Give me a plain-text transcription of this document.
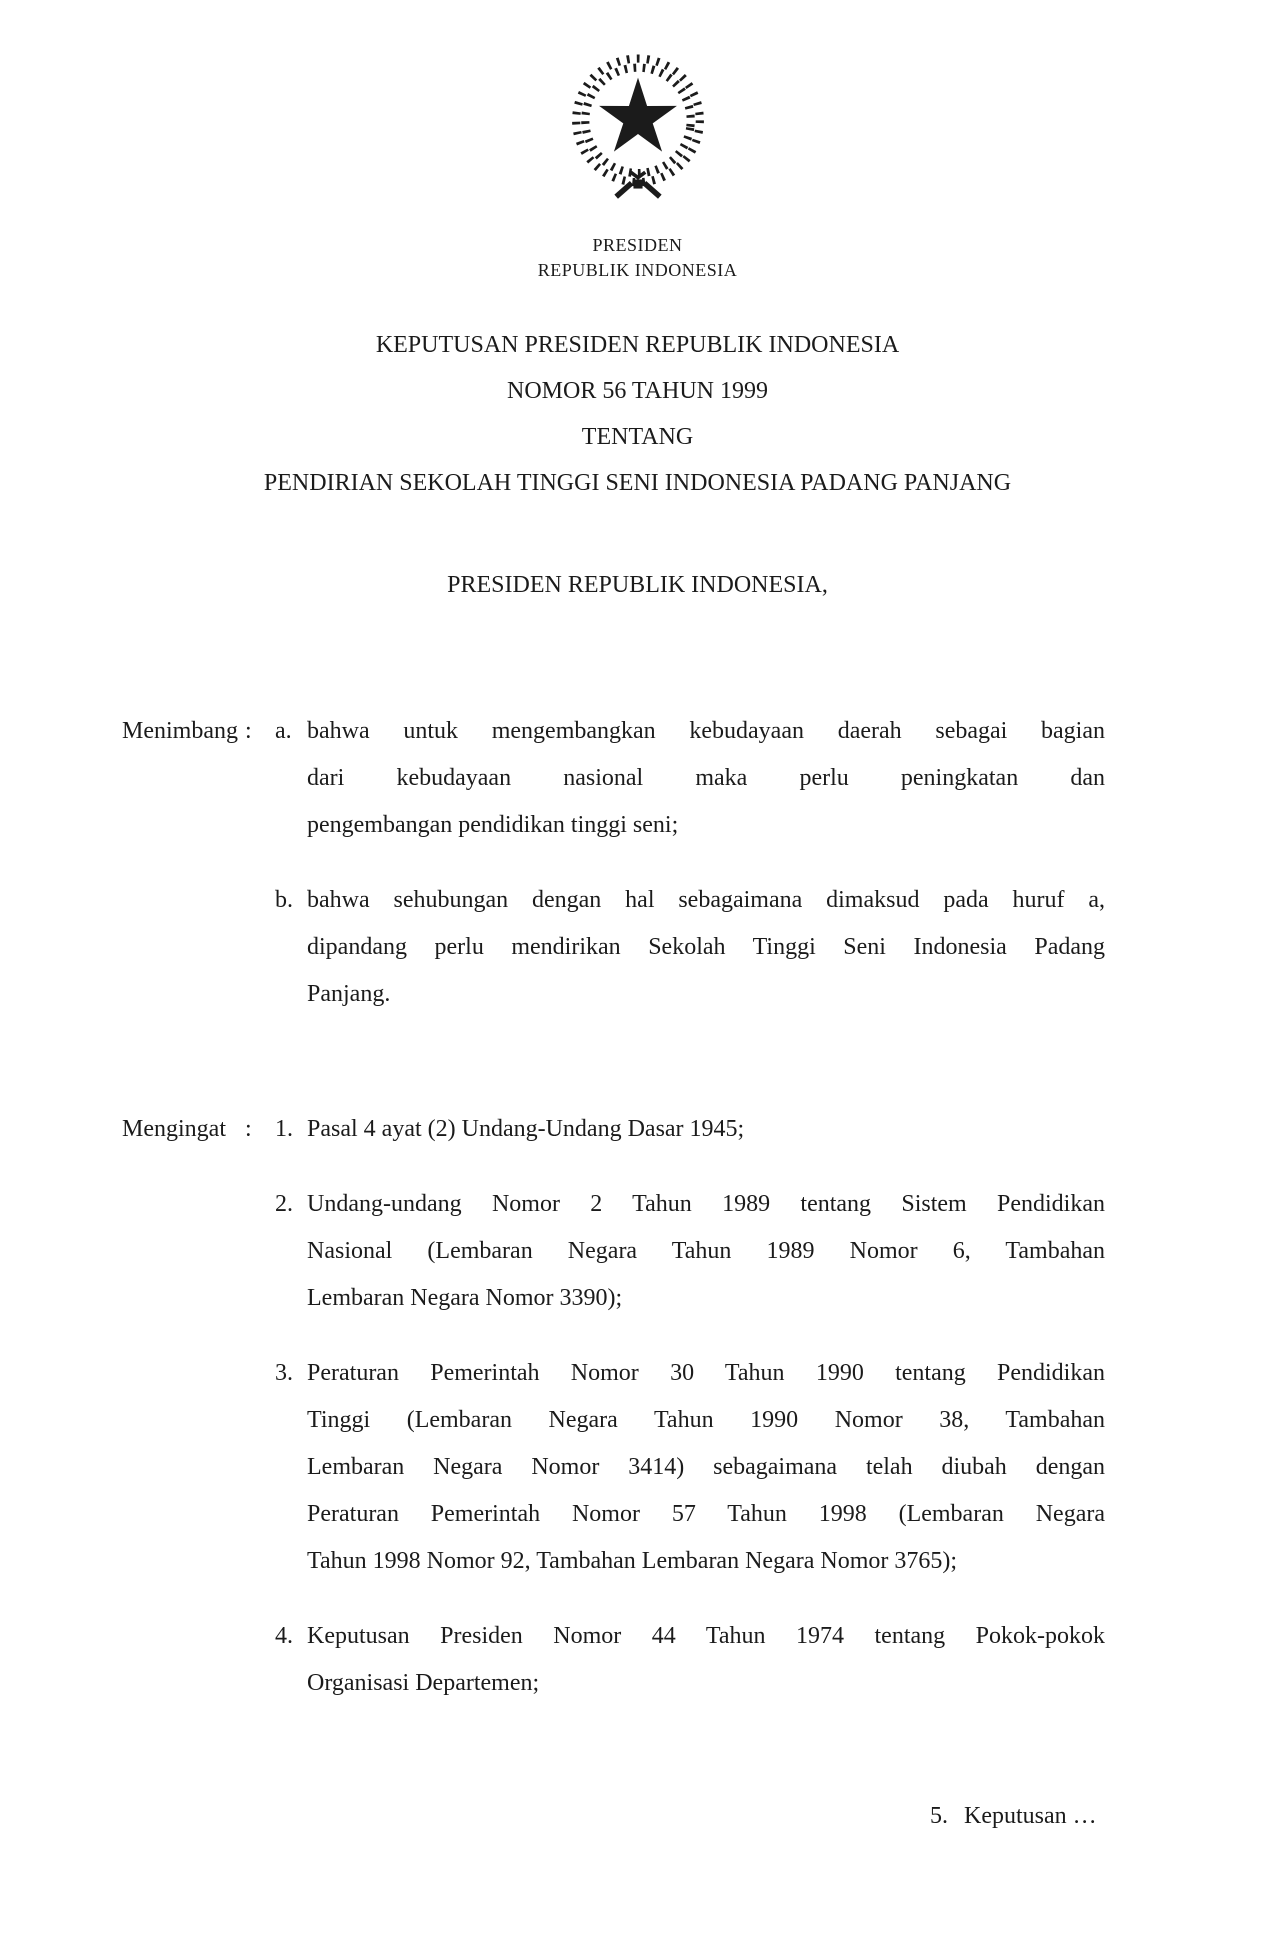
PRESIDEN
REPUBLIK INDONESIA
KEPUTUSAN PRESIDEN REPUBLIK INDONESIA
NOMOR 56 TAHUN 1999
TENTANG
PENDIRIAN SEKOLAH TINGGI SENI INDONESIA PADANG PANJANG
PRESIDEN REPUBLIK INDONESIA,
Menimbang : a. bahwa untuk mengembangkan kebudayaan daerah sebagai bagian
dari kebudayaan nasional maka perlu peningkatan dan
pengembangan pendidikan tinggi seni;
b. bahwa sehubungan dengan hal sebagaimana dimaksud pada huruf a,
dipandang perlu mendirikan Sekolah Tinggi Seni Indonesia Padang
Panjang.
Mengingat : 1. Pasal 4 ayat (2) Undang-Undang Dasar 1945;
2. Undang-undang Nomor 2 Tahun 1989 tentang Sistem Pendidikan
Nasional (Lembaran Negara Tahun 1989 Nomor 6, Tambahan
Lembaran Negara Nomor 3390);
3. Peraturan Pemerintah Nomor 30 Tahun 1990 tentang Pendidikan
Tinggi (Lembaran Negara Tahun 1990 Nomor 38, Tambahan
Lembaran Negara Nomor 3414) sebagaimana telah diubah dengan
Peraturan Pemerintah Nomor 57 Tahun 1998 (Lembaran Negara
Tahun 1998 Nomor 92, Tambahan Lembaran Negara Nomor 3765);
4. Keputusan Presiden Nomor 44 Tahun 1974 tentang Pokok-pokok
Organisasi Departemen;
5. Keputusan …
